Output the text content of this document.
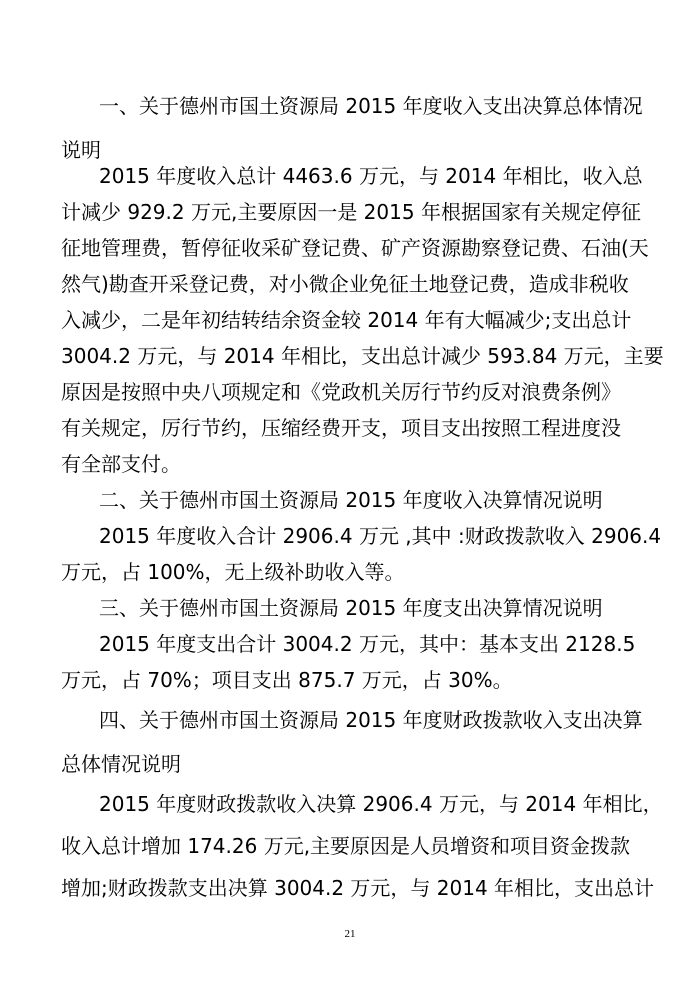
一、关于德州市国土资源局 2015 年度收入支出决算总体情况
说明
2015 年度收入总计 4463.6 万元，与 2014 年相比，收入总
计减少 929.2 万元,主要原因一是 2015 年根据国家有关规定停征
征地管理费，暂停征收采矿登记费、矿产资源勘察登记费、石油(天
然气)勘查开采登记费，对小微企业免征土地登记费，造成非税收
入减少，二是年初结转结余资金较 2014 年有大幅减少;支出总计
3004.2 万元，与 2014 年相比，支出总计减少 593.84 万元，主要
原因是按照中央八项规定和《党政机关厉行节约反对浪费条例》
有关规定，厉行节约，压缩经费开支，项目支出按照工程进度没
有全部支付。
二、关于德州市国土资源局 2015 年度收入决算情况说明
2015 年度收入合计 2906.4 万元 ,其中 :财政拨款收入 2906.4
万元，占 100%，无上级补助收入等。
三、关于德州市国土资源局 2015 年度支出决算情况说明
2015 年度支出合计 3004.2 万元，其中：基本支出 2128.5
万元，占 70%；项目支出 875.7 万元，占 30%。
四、关于德州市国土资源局 2015 年度财政拨款收入支出决算
总体情况说明
2015 年度财政拨款收入决算 2906.4 万元，与 2014 年相比，
收入总计增加 174.26 万元,主要原因是人员增资和项目资金拨款
增加;财政拨款支出决算 3004.2 万元，与 2014 年相比，支出总计
21
